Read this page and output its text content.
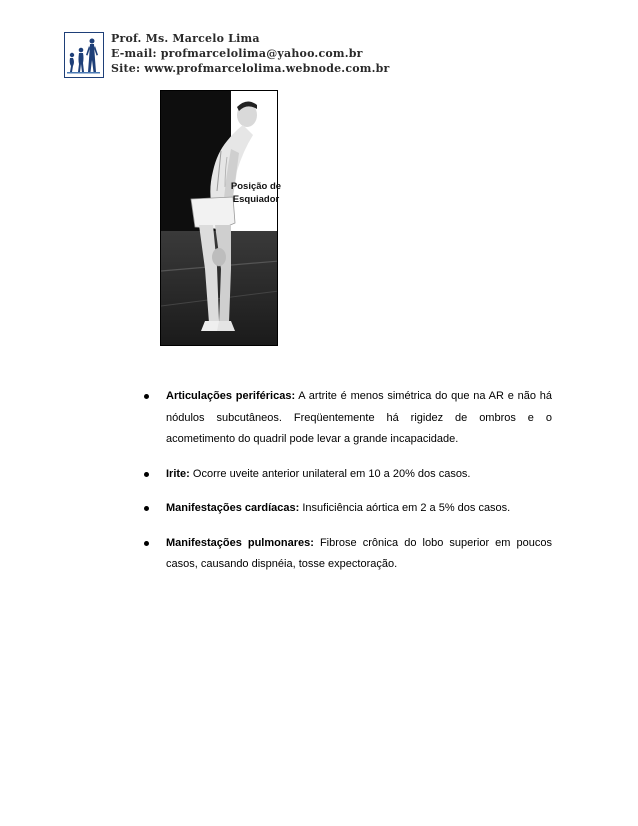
Prof. Ms. Marcelo Lima
E-mail: profmarcelolima@yahoo.com.br
Site: www.profmarcelolima.webnode.com.br
Posição de
Esquiador

Articulações periféricas: A artrite é menos simétrica do que na AR e não há nódulos subcutâneos. Freqüentemente há rigidez de ombros e o acometimento do quadril pode levar a grande incapacidade.

Irite: Ocorre uveite anterior unilateral em 10 a 20% dos casos.

Manifestações cardíacas: Insuficiência aórtica em 2 a 5% dos casos.

Manifestações pulmonares: Fibrose crônica do lobo superior em poucos casos, causando dispnéia, tosse expectoração.
